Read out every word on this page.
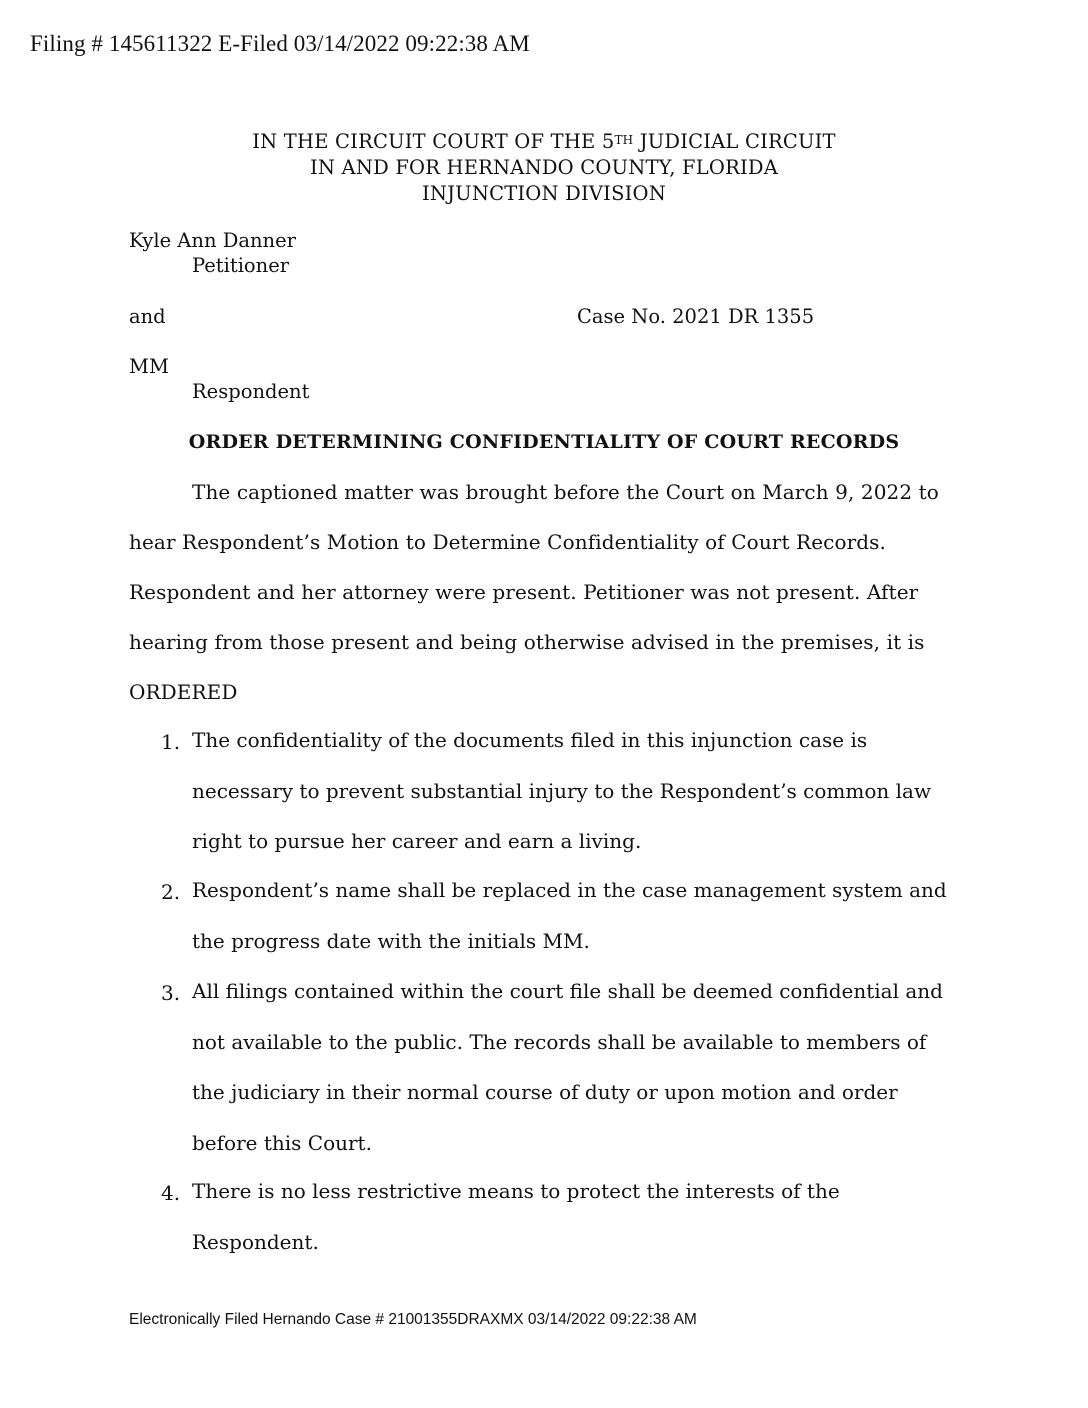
Filing # 145611322 E-Filed 03/14/2022 09:22:38 AM
IN THE CIRCUIT COURT OF THE 5TH JUDICIAL CIRCUIT
IN AND FOR HERNANDO COUNTY, FLORIDA
INJUNCTION DIVISION
Kyle Ann Danner
Petitioner
and	Case No. 2021 DR 1355
MM
Respondent
ORDER DETERMINING CONFIDENTIALITY OF COURT RECORDS
The captioned matter was brought before the Court on March 9, 2022 to
hear Respondent’s Motion to Determine Confidentiality of Court Records.
Respondent and her attorney were present. Petitioner was not present. After
hearing from those present and being otherwise advised in the premises, it is
ORDERED
1. The confidentiality of the documents filed in this injunction case is necessary to prevent substantial injury to the Respondent’s common law right to pursue her career and earn a living.
2. Respondent’s name shall be replaced in the case management system and the progress date with the initials MM.
3. All filings contained within the court file shall be deemed confidential and not available to the public. The records shall be available to members of the judiciary in their normal course of duty or upon motion and order before this Court.
4. There is no less restrictive means to protect the interests of the Respondent.
Electronically Filed Hernando Case # 21001355DRAXMX 03/14/2022 09:22:38 AM
